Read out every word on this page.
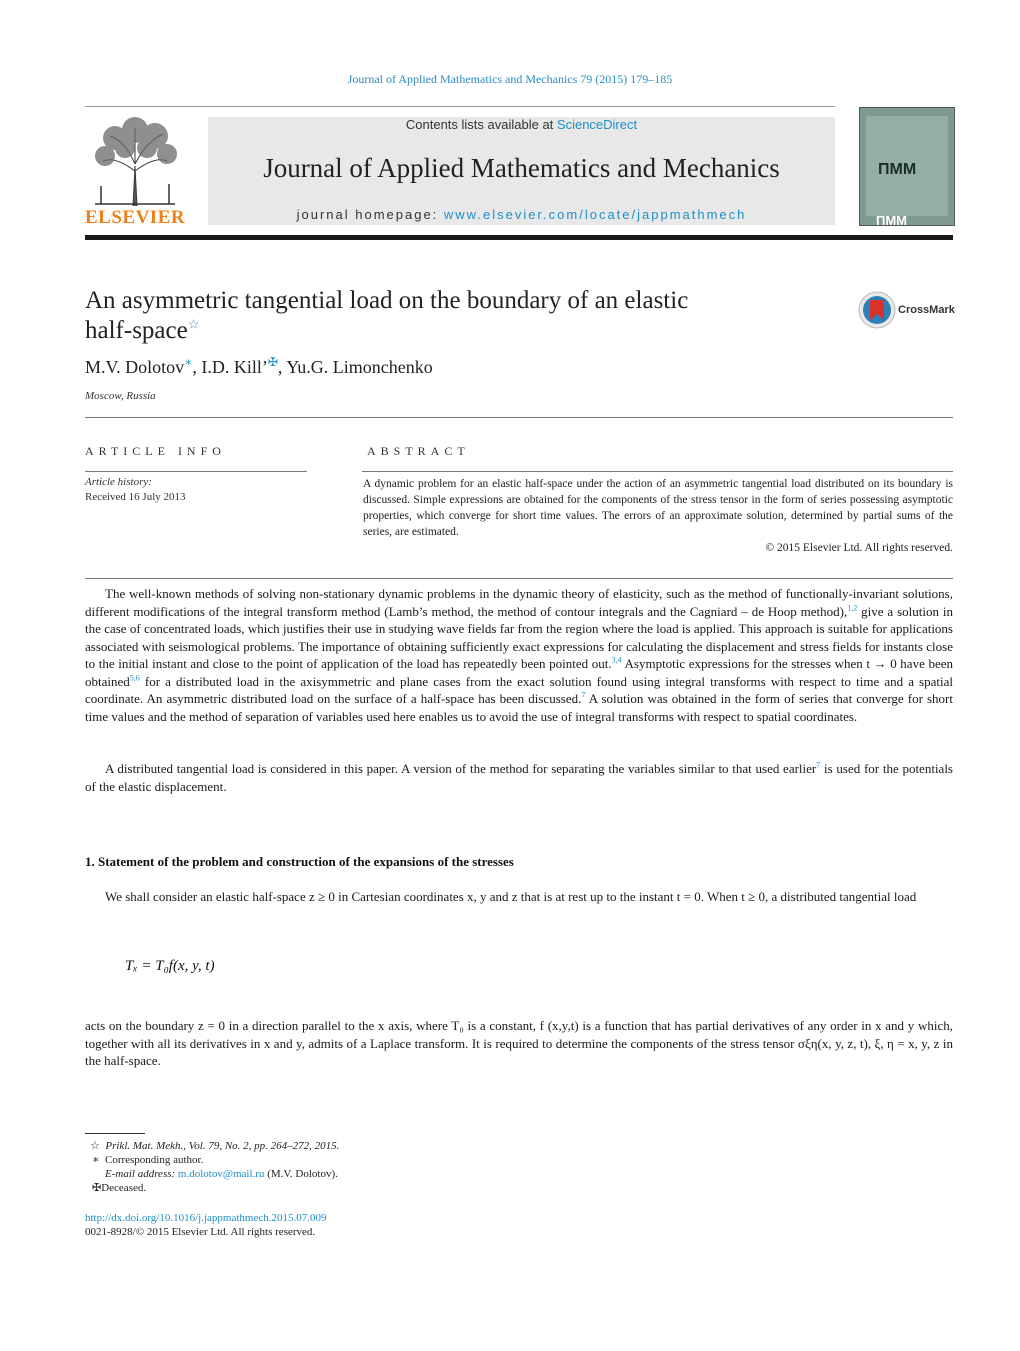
Journal of Applied Mathematics and Mechanics 79 (2015) 179–185
ELSEVIER
Contents lists available at ScienceDirect
Journal of Applied Mathematics and Mechanics
journal homepage: www.elsevier.com/locate/jappmathmech
ПММ
ПММ
An asymmetric tangential load on the boundary of an elastic
half-space☆
CrossMark
M.V. Dolotov∗, I.D. Kill’✠, Yu.G. Limonchenko
Moscow, Russia
ARTICLE INFO	ABSTRACT
Article history:
Received 16 July 2013
A dynamic problem for an elastic half-space under the action of an asymmetric tangential load distributed on its boundary is discussed. Simple expressions are obtained for the components of the stress tensor in the form of series possessing asymptotic properties, which converge for short time values. The errors of an approximate solution, determined by partial sums of the series, are estimated.
© 2015 Elsevier Ltd. All rights reserved.
The well-known methods of solving non-stationary dynamic problems in the dynamic theory of elasticity, such as the method of functionally-invariant solutions, different modifications of the integral transform method (Lamb’s method, the method of contour integrals and the Cagniard – de Hoop method),$^{1,2}$ give a solution in the case of concentrated loads, which justifies their use in studying wave fields far from the region where the load is applied. This approach is suitable for applications associated with seismological problems. The importance of obtaining sufficiently exact expressions for calculating the displacement and stress fields for instants close to the initial instant and close to the point of application of the load has repeatedly been pointed out.$^{3,4}$ Asymptotic expressions for the stresses when t → 0 have been obtained$^{5,6}$ for a distributed load in the axisymmetric and plane cases from the exact solution found using integral transforms with respect to time and a spatial coordinate. An asymmetric distributed load on the surface of a half-space has been discussed.$^7$ A solution was obtained in the form of series that converge for short time values and the method of separation of variables used here enables us to avoid the use of integral transforms with respect to spatial coordinates.
A distributed tangential load is considered in this paper. A version of the method for separating the variables similar to that used earlier$^7$ is used for the potentials of the elastic displacement.
1. Statement of the problem and construction of the expansions of the stresses
We shall consider an elastic half-space z ≥ 0 in Cartesian coordinates x, y and z that is at rest up to the instant t = 0. When t ≥ 0, a distributed tangential load
Tₓ = T₀f(x, y, t)
acts on the boundary z = 0 in a direction parallel to the x axis, where T₀ is a constant, f (x,y,t) is a function that has partial derivatives of any order in x and y which, together with all its derivatives in x and y, admits of a Laplace transform. It is required to determine the components of the stress tensor σξη(x, y, z, t), ξ, η = x, y, z in the half-space.
☆ Prikl. Mat. Mekh., Vol. 79, No. 2, pp. 264–272, 2015.
∗ Corresponding author.
E-mail address: m.dolotov@mail.ru (M.V. Dolotov).
✠Deceased.
http://dx.doi.org/10.1016/j.jappmathmech.2015.07.009
0021-8928/© 2015 Elsevier Ltd. All rights reserved.
